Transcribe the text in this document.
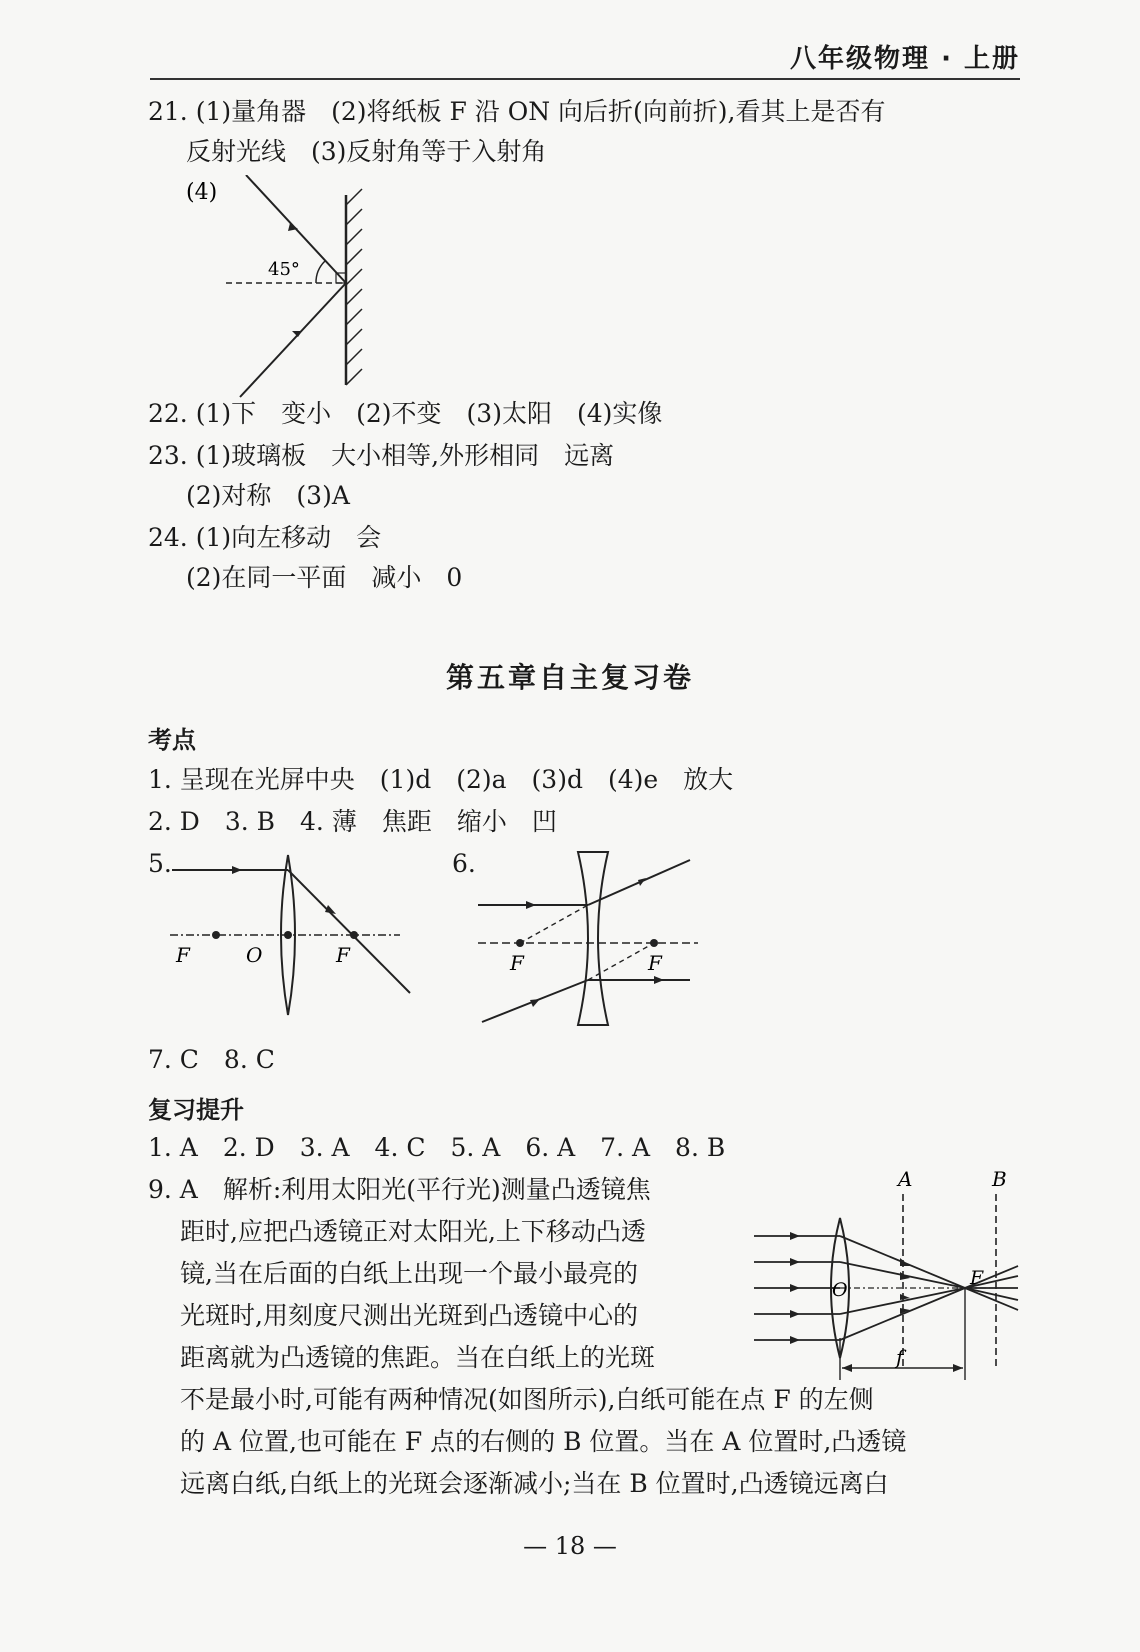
八年级物理 · 上册
21. (1)量角器　(2)将纸板 F 沿 ON 向后折(向前折),看其上是否有
反射光线　(3)反射角等于入射角
(4)
45°
22. (1)下　变小　(2)不变　(3)太阳　(4)实像
23. (1)玻璃板　大小相等,外形相同　远离
(2)对称　(3)A
24. (1)向左移动　会
(2)在同一平面　减小　0
第五章自主复习卷
考点
1. 呈现在光屏中央　(1)d　(2)a　(3)d　(4)e　放大
2. D　3. B　4. 薄　焦距　缩小　凹
5.
F	O	F
6.
F	F
7. C　8. C
复习提升
1. A　2. D　3. A　4. C　5. A　6. A　7. A　8. B
9. A　解析:利用太阳光(平行光)测量凸透镜焦
距时,应把凸透镜正对太阳光,上下移动凸透
镜,当在后面的白纸上出现一个最小最亮的
光斑时,用刻度尺测出光斑到凸透镜中心的
距离就为凸透镜的焦距。当在白纸上的光斑
不是最小时,可能有两种情况(如图所示),白纸可能在点 F 的左侧
的 A 位置,也可能在 F 点的右侧的 B 位置。当在 A 位置时,凸透镜
远离白纸,白纸上的光斑会逐渐减小;当在 B 位置时,凸透镜远离白
A	B
O
F
f
— 18 —
